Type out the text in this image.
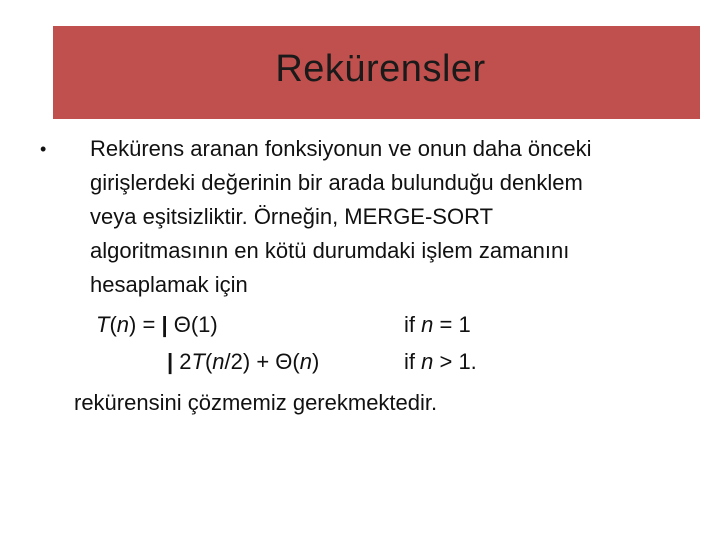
Rekürensler
• Rekürens aranan fonksiyonun ve onun daha önceki
girişlerdeki değerinin bir arada bulunduğu denklem
veya eşitsizliktir. Örneğin, MERGE-SORT
algoritmasının en kötü durumdaki işlem zamanını
hesaplamak için
T(n) = | Θ(1)	if n = 1
| 2T(n/2) + Θ(n)	if n > 1.
rekürensini çözmemiz gerekmektedir.
